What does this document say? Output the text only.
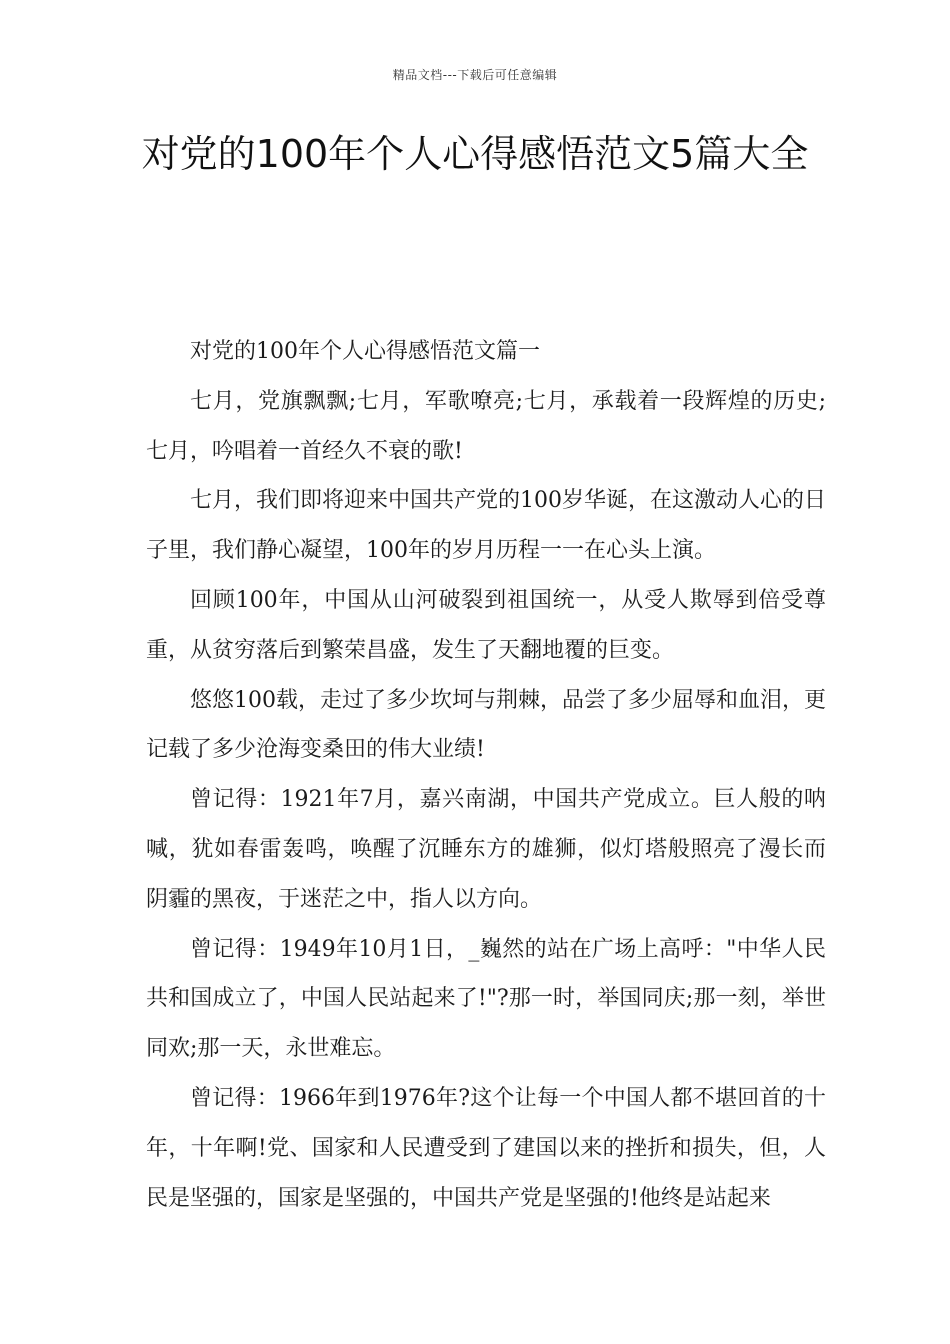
精品文档---下载后可任意编辑
对党的100年个人心得感悟范文5篇大全

对党的100年个人心得感悟范文篇一

七月，党旗飘飘;七月，军歌嘹亮;七月，承载着一段辉煌的历史;七月，吟唱着一首经久不衰的歌!

七月，我们即将迎来中国共产党的100岁华诞，在这激动人心的日子里，我们静心凝望，100年的岁月历程一一在心头上演。

回顾100年，中国从山河破裂到祖国统一，从受人欺辱到倍受尊重，从贫穷落后到繁荣昌盛，发生了天翻地覆的巨变。

悠悠100载，走过了多少坎坷与荆棘，品尝了多少屈辱和血泪，更记载了多少沧海变桑田的伟大业绩!

曾记得：1921年7月，嘉兴南湖，中国共产党成立。巨人般的呐喊，犹如春雷轰鸣，唤醒了沉睡东方的雄狮，似灯塔般照亮了漫长而阴霾的黑夜，于迷茫之中，指人以方向。

曾记得：1949年10月1日，_巍然的站在广场上高呼："中华人民共和国成立了，中国人民站起来了!"?那一时，举国同庆;那一刻，举世同欢;那一天，永世难忘。

曾记得：1966年到1976年?这个让每一个中国人都不堪回首的十年，十年啊!党、国家和人民遭受到了建国以来的挫折和损失，但，人民是坚强的，国家是坚强的，中国共产党是坚强的!他终是站起来
